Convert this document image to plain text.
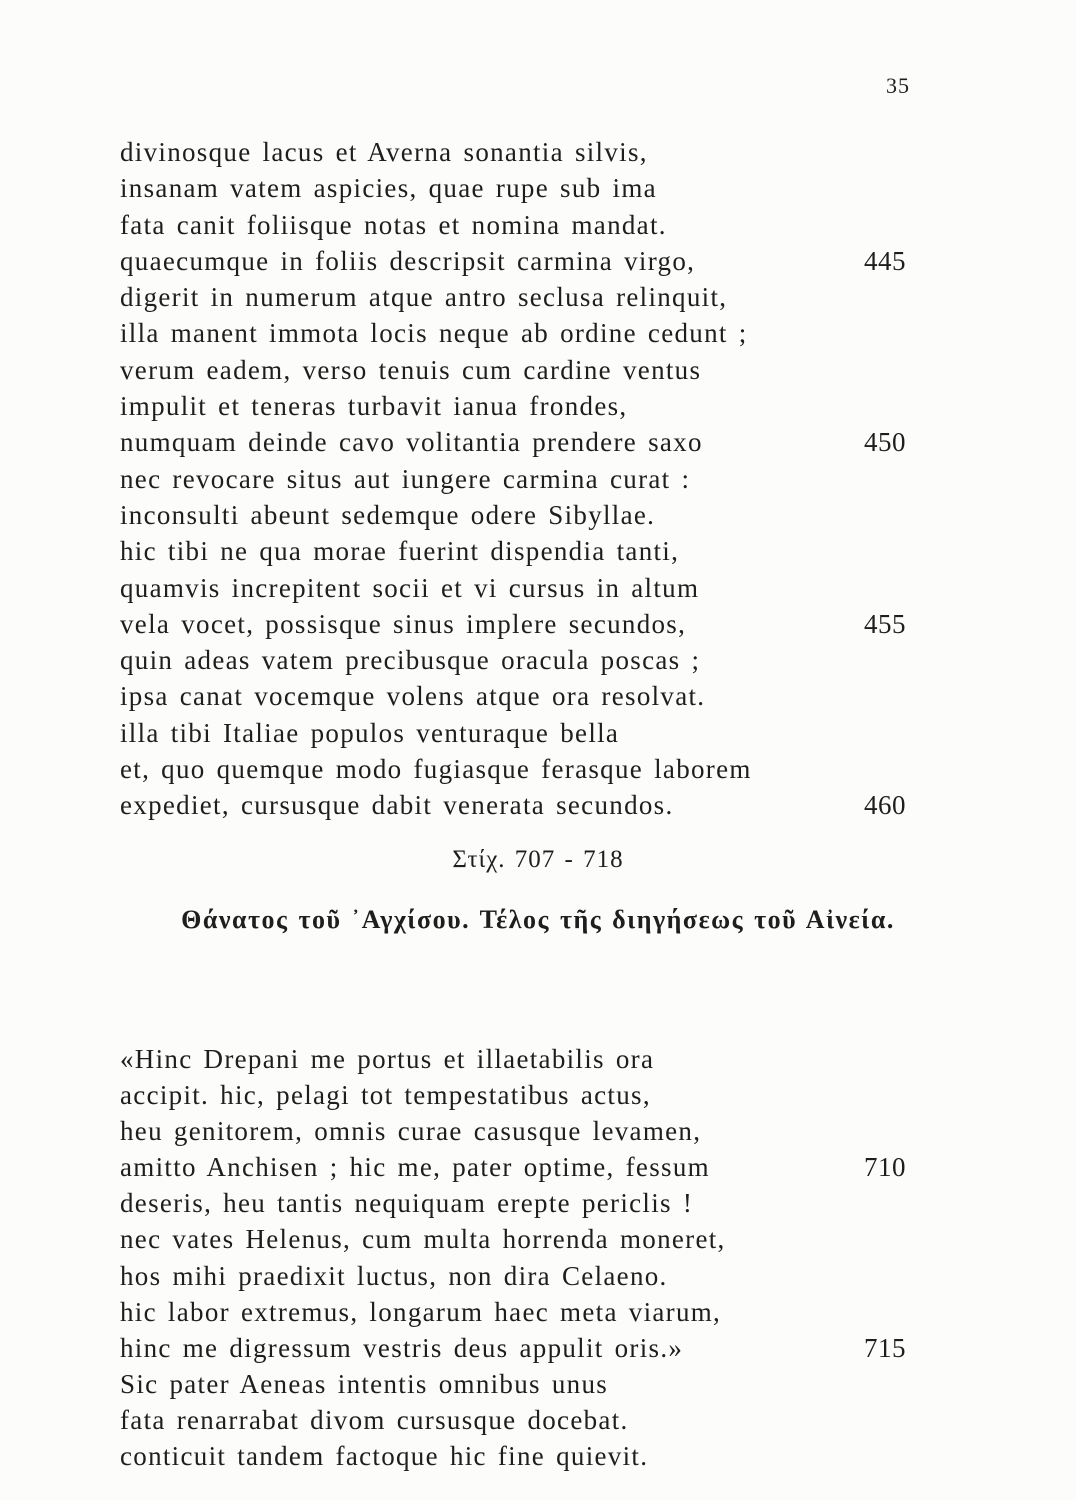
35
divinosque lacus et Averna sonantia silvis,
insanam vatem aspicies, quae rupe sub ima
fata canit foliisque notas et nomina mandat.
quaecumque in foliis descripsit carmina virgo,	445
digerit in numerum atque antro seclusa relinquit,
illa manent immota locis neque ab ordine cedunt ;
verum eadem, verso tenuis cum cardine ventus
impulit et teneras turbavit ianua frondes,
numquam deinde cavo volitantia prendere saxo	450
nec revocare situs aut iungere carmina curat :
inconsulti abeunt sedemque odere Sibyllae.
hic tibi ne qua morae fuerint dispendia tanti,
quamvis increpitent socii et vi cursus in altum
vela vocet, possisque sinus implere secundos,	455
quin adeas vatem precibusque oracula poscas ;
ipsa canat vocemque volens atque ora resolvat.
illa tibi Italiae populos venturaque bella
et, quo quemque modo fugiasque ferasque laborem
expediet, cursusque dabit venerata secundos.	460
Στίχ. 707 - 718
Θάνατος τοῦ ᾿Αγχίσου. Τέλος τῆς διηγήσεως τοῦ Αἰνεία.
«Hinc Drepani me portus et illaetabilis ora
accipit. hic, pelagi tot tempestatibus actus,
heu genitorem, omnis curae casusque levamen,
amitto Anchisen ; hic me, pater optime, fessum	710
deseris, heu tantis nequiquam erepte periclis !
nec vates Helenus, cum multa horrenda moneret,
hos mihi praedixit luctus, non dira Celaeno.
hic labor extremus, longarum haec meta viarum,
hinc me digressum vestris deus appulit oris.»	715
Sic pater Aeneas intentis omnibus unus
fata renarrabat divom cursusque docebat.
conticuit tandem factoque hic fine quievit.
